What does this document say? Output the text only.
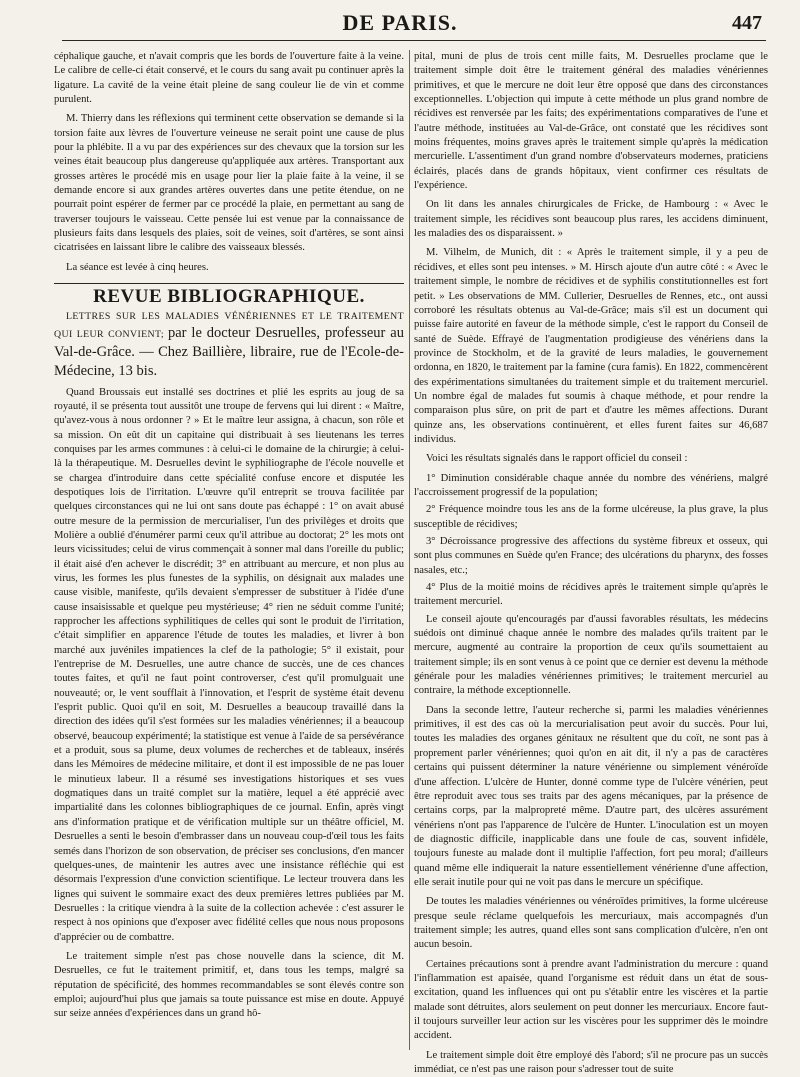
DE PARIS.	447

céphalique gauche, et n'avait compris que les bords de l'ouverture faite à la veine. Le calibre de celle-ci était conservé, et le cours du sang avait pu continuer après la ligature. La cavité de la veine était pleine de sang couleur lie de vin et comme purulent.

M. Thierry dans les réflexions qui terminent cette observation se demande si la torsion faite aux lèvres de l'ouverture veineuse ne serait point une cause de plus pour la phlébite. Il a vu par des expériences sur des chevaux que la torsion sur les veines était beaucoup plus dangereuse qu'appliquée aux artères. Transportant aux grosses artères le procédé mis en usage pour lier la plaie faite à la veine, il se demande encore si aux grandes artères ouvertes dans une petite étendue, on ne pourrait point espérer de fermer par ce procédé la plaie, en permettant au sang de traverser toujours le vaisseau. Cette pensée lui est venue par la connaissance de plusieurs faits dans lesquels des plaies, soit de veines, soit d'artères, se sont ainsi cicatrisées en laissant libre le calibre des vaisseaux blessés.

La séance est levée à cinq heures.

REVUE BIBLIOGRAPHIQUE.

LETTRES SUR LES MALADIES VÉNÉRIENNES ET LE TRAITEMENT QUI LEUR CONVIENT; par le docteur Desruelles, professeur au Val-de-Grâce. — Chez Baillière, libraire, rue de l'Ecole-de-Médecine, 13 bis.

Quand Broussais eut installé ses doctrines et plié les esprits au joug de sa royauté, il se présenta tout aussitôt une troupe de fervens qui lui dirent : « Maître, qu'avez-vous à nous ordonner ? » Et le maître leur assigna, à chacun, son rôle et sa mission. On eût dit un capitaine qui distribuait à ses lieutenans les terres conquises par les armes communes : à celui-ci le domaine de la chirurgie; à celui-là la thérapeutique. M. Desruelles devint le syphiliographe de l'école nouvelle et se chargea d'introduire dans cette spécialité confuse encore et disputée les despotiques lois de l'irritation. L'œuvre qu'il entreprit se trouva facilitée par quelques circonstances qui ne lui ont sans doute pas échappé : 1° on avait abusé outre mesure de la permission de mercurialiser, l'un des privilèges et droits que Molière a oublié d'énumérer parmi ceux qu'il attribue au doctorat; 2° les mots ont leurs vicissitudes; celui de virus commençait à sonner mal dans l'oreille du public; il était aisé d'en achever le discrédit; 3° en attribuant au mercure, et non plus au virus, les formes les plus funestes de la syphilis, on désignait aux malades une cause visible, manifeste, qu'ils devaient s'empresser de substituer à l'idée d'une cause insaisissable et quelque peu mystérieuse; 4° rien ne séduit comme l'unité; rapprocher les affections syphilitiques de celles qui sont le produit de l'irritation, c'était simplifier en apparence l'étude de toutes les maladies, et livrer à bon marché aux juvéniles impatiences la clef de la pathologie; 5° il existait, pour l'entreprise de M. Desruelles, une autre chance de succès, une de ces chances toutes faites, et qu'il ne faut point controverser, c'est qu'il promulguait une nouveauté; or, le vent soufflait à l'innovation, et l'esprit de système était devenu l'esprit public. Quoi qu'il en soit, M. Desruelles a beaucoup travaillé dans la direction des idées qu'il s'est formées sur les maladies vénériennes; il a beaucoup observé, beaucoup expérimenté; la statistique est venue à l'aide de sa persévérance et a produit, sous sa plume, deux volumes de recherches et de tableaux, insérés dans les Mémoires de médecine militaire, et dont il est impossible de ne pas louer le minutieux labeur. Il a résumé ses investigations historiques et ses vues dogmatiques dans un traité complet sur la matière, lequel a été apprécié avec impartialité dans les colonnes bibliographiques de ce journal. Enfin, après vingt ans d'information pratique et de vérification multiple sur un théâtre officiel, M. Desruelles a senti le besoin d'embrasser dans un nouveau coup-d'œil tous les faits semés dans l'horizon de son observation, de préciser ses conclusions, d'en mancer quelques-unes, de maintenir les autres avec une insistance réfléchie qui est désormais l'expression d'une conviction scientifique. Le lecteur trouvera dans les lignes qui suivent le sommaire exact des deux premières lettres publiées par M. Desruelles : la critique viendra à la suite de la collection achevée : c'est assurer le respect à nos opinions que d'exposer avec fidélité celles que nous nous proposons d'apprécier ou de combattre.

Le traitement simple n'est pas chose nouvelle dans la science, dit M. Desruelles, ce fut le traitement primitif, et, dans tous les temps, malgré sa réputation de spécificité, des hommes recommandables se sont élevés contre son emploi; aujourd'hui plus que jamais sa toute puissance est mise en doute. Appuyé sur seize années d'expériences dans un grand hô-

pital, muni de plus de trois cent mille faits, M. Desruelles proclame que le traitement simple doit être le traitement général des maladies vénériennes primitives, et que le mercure ne doit leur être opposé que dans des circonstances exceptionnelles. L'objection qui impute à cette méthode un plus grand nombre de récidives est renversée par les faits; des expérimentations comparatives de l'une et l'autre méthode, instituées au Val-de-Grâce, ont constaté que les récidives sont moins fréquentes, moins graves après le traitement simple qu'après la médication mercurielle. L'assentiment d'un grand nombre d'observateurs modernes, praticiens éclairés, placés dans de grands hôpitaux, vient confirmer ces résultats de l'expérience.

On lit dans les annales chirurgicales de Fricke, de Hambourg : « Avec le traitement simple, les récidives sont beaucoup plus rares, les accidens diminuent, les maladies des os disparaissent. »

M. Vilhelm, de Munich, dit : « Après le traitement simple, il y a peu de récidives, et elles sont peu intenses. » M. Hirsch ajoute d'un autre côté : « Avec le traitement simple, le nombre de récidives et de syphilis constitutionnelles est fort petit. » Les observations de MM. Cullerier, Desruelles de Rennes, etc., ont aussi corroboré les résultats obtenus au Val-de-Grâce; mais s'il est un document qui puisse faire autorité en faveur de la méthode simple, c'est le rapport du Conseil de santé de Suède. Effrayé de l'augmentation prodigieuse des vénériens dans la province de Stockholm, et de la gravité de leurs maladies, le gouvernement ordonna, en 1820, le traitement par la famine (cura famis). En 1822, commencèrent des expérimentations simultanées du traitement simple et du traitement mercuriel. Un nombre égal de malades fut soumis à chaque méthode, et pour rendre la comparaison plus sûre, on prit de part et d'autre les mêmes affections. Durant quinze ans, les observations continuèrent, et elles furent faites sur 46,687 individus.

Voici les résultats signalés dans le rapport officiel du conseil :

1° Diminution considérable chaque année du nombre des vénériens, malgré l'accroissement progressif de la population;

2° Fréquence moindre tous les ans de la forme ulcéreuse, la plus grave, la plus susceptible de récidives;

3° Décroissance progressive des affections du système fibreux et osseux, qui sont plus communes en Suède qu'en France; des ulcérations du pharynx, des fosses nasales, etc.;

4° Plus de la moitié moins de récidives après le traitement simple qu'après le traitement mercuriel.

Le conseil ajoute qu'encouragés par d'aussi favorables résultats, les médecins suédois ont diminué chaque année le nombre des malades qu'ils traitent par le mercure, augmenté au contraire la proportion de ceux qu'ils soumettaient au traitement simple; ils en sont venus à ce point que ce dernier est devenu la méthode générale pour les maladies vénériennes primitives; le traitement mercuriel au contraire, la méthode exceptionnelle.

Dans la seconde lettre, l'auteur recherche si, parmi les maladies vénériennes primitives, il est des cas où la mercurialisation peut avoir du succès. Pour lui, toutes les maladies des organes génitaux ne résultent que du coït, ne sont pas à proprement parler vénériennes; quoi qu'on en ait dit, il n'y a pas de caractères certains qui puissent déterminer la nature vénérienne ou simplement vénéroïde d'une affection. L'ulcère de Hunter, donné comme type de l'ulcère vénérien, peut être reproduit avec tous ses traits par des agens mécaniques, par la présence de certains corps, par la malpropreté même. D'autre part, des ulcères assurément vénériens n'ont pas l'apparence de l'ulcère de Hunter. L'inoculation est un moyen de diagnostic difficile, inapplicable dans une foule de cas, souvent infidèle, toujours funeste au malade dont il multiplie l'affection, fort peu moral; d'ailleurs quand même elle indiquerait la nature essentiellement vénérienne d'une affection, elle serait inutile pour qui ne voit pas dans le mercure un spécifique.

De toutes les maladies vénériennes ou vénéroïdes primitives, la forme ulcéreuse presque seule réclame quelquefois les mercuriaux, mais accompagnés d'un traitement simple; les autres, quand elles sont sans complication d'ulcère, n'en ont aucun besoin.

Certaines précautions sont à prendre avant l'administration du mercure : quand l'inflammation est apaisée, quand l'organisme est réduit dans un état de sous-excitation, quand les influences qui ont pu s'établir entre les viscères et la partie malade sont détruites, alors seulement on peut donner les mercuriaux. Encore faut-il toujours surveiller leur action sur les viscères pour les supprimer dès le moindre accident.

Le traitement simple doit être employé dès l'abord; s'il ne procure pas un succès immédiat, ce n'est pas une raison pour s'adresser tout de suite
